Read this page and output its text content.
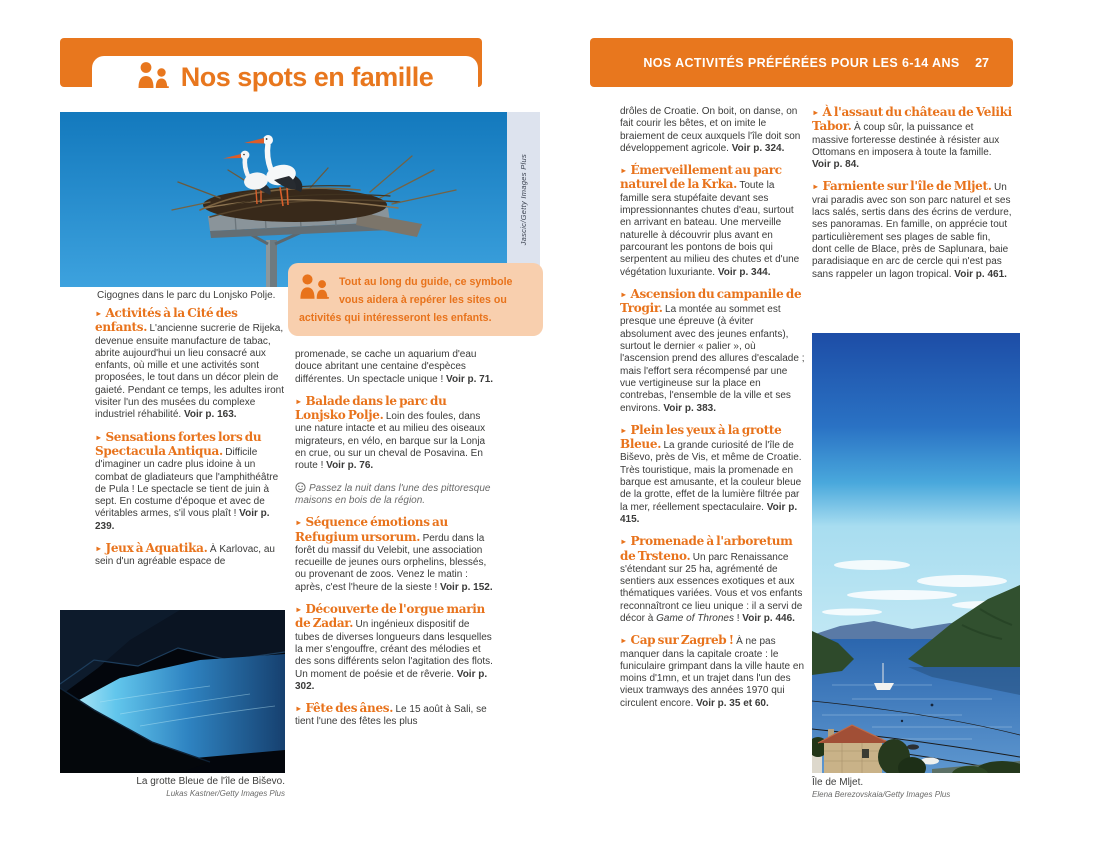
Nos spots en famille
Jascic/Getty Images Plus
Cigognes dans le parc du Lonjsko Polje.
Tout au long du guide, ce symbole vous aidera à repérer les sites ou activités qui intéresseront les enfants.

► Activités à la Cité des enfants. L'ancienne sucrerie de Rijeka, devenue ensuite manufacture de tabac, abrite aujourd'hui un lieu consacré aux enfants, où mille et une activités sont proposées, le tout dans un décor plein de gaieté. Pendant ce temps, les adultes iront visiter l'un des musées du complexe industriel réhabilité. Voir p. 163.

► Sensations fortes lors du Spectacula Antiqua. Difficile d'imaginer un cadre plus idoine à un combat de gladiateurs que l'amphithéâtre de Pula ! Le spectacle se tient de juin à sept. En costume d'époque et avec de véritables armes, s'il vous plaît ! Voir p. 239.

► Jeux à Aquatika. À Karlovac, au sein d'un agréable espace de

promenade, se cache un aquarium d'eau douce abritant une centaine d'espèces différentes. Un spectacle unique ! Voir p. 71.

► Balade dans le parc du Lonjsko Polje. Loin des foules, dans une nature intacte et au milieu des oiseaux migrateurs, en vélo, en barque sur la Lonja en crue, ou sur un cheval de Posavina. En route ! Voir p. 76.

Passez la nuit dans l'une des pittoresque maisons en bois de la région.

► Séquence émotions au Refugium ursorum. Perdu dans la forêt du massif du Velebit, une association recueille de jeunes ours orphelins, blessés, ou provenant de zoos. Venez le matin : après, c'est l'heure de la sieste ! Voir p. 152.

► Découverte de l'orgue marin de Zadar. Un ingénieux dispositif de tubes de diverses longueurs dans lesquelles la mer s'engouffre, créant des mélodies et des sons différents selon l'agitation des flots. Un moment de poésie et de rêverie. Voir p. 302.

► Fête des ânes. Le 15 août à Sali, se tient l'une des fêtes les plus

La grotte Bleue de l'île de Biševo.
Lukas Kastner/Getty Images Plus
NOS ACTIVITÉS PRÉFÉRÉES POUR LES 6-14 ANS 27

drôles de Croatie. On boit, on danse, on fait courir les bêtes, et on imite le braiement de ceux auxquels l'île doit son développement agricole. Voir p. 324.

► Émerveillement au parc naturel de la Krka. Toute la famille sera stupéfaite devant ses impressionnantes chutes d'eau, surtout en arrivant en bateau. Une merveille naturelle à découvrir plus avant en parcourant les pontons de bois qui serpentent au milieu des chutes et d'une végétation luxuriante. Voir p. 344.

► Ascension du campanile de Trogir. La montée au sommet est presque une épreuve (à éviter absolument avec des jeunes enfants), surtout le dernier « palier », où l'ascension prend des allures d'escalade ; mais l'effort sera récompensé par une vue vertigineuse sur la place en contrebas, l'ensemble de la ville et ses environs. Voir p. 383.

► Plein les yeux à la grotte Bleue. La grande curiosité de l'île de Biševo, près de Vis, et même de Croatie. Très touristique, mais la promenade en barque est amusante, et la couleur bleue de la grotte, effet de la lumière filtrée par la mer, réellement spectaculaire. Voir p. 415.

► Promenade à l'arboretum de Trsteno. Un parc Renaissance s'étendant sur 25 ha, agrémenté de sentiers aux essences exotiques et aux thématiques variées. Vous et vos enfants reconnaîtront ce lieu unique : il a servi de décor à Game of Thrones ! Voir p. 446.

► Cap sur Zagreb ! À ne pas manquer dans la capitale croate : le funiculaire grimpant dans la ville haute en moins d'1mn, et un trajet dans l'un des vieux tramways des années 1970 qui circulent encore. Voir p. 35 et 60.

► À l'assaut du château de Veliki Tabor. À coup sûr, la puissance et massive forteresse destinée à résister aux Ottomans en imposera à toute la famille. Voir p. 84.

► Farniente sur l'île de Mljet. Un vrai paradis avec son son parc naturel et ses lacs salés, sertis dans des écrins de verdure, ses panoramas. En famille, on apprécie tout particulièrement ses plages de sable fin, dont celle de Blace, près de Saplunara, baie paradisiaque en arc de cercle qui n'est pas sans rappeler un lagon tropical. Voir p. 461.

Île de Mljet.
Elena Berezovskaia/Getty Images Plus
